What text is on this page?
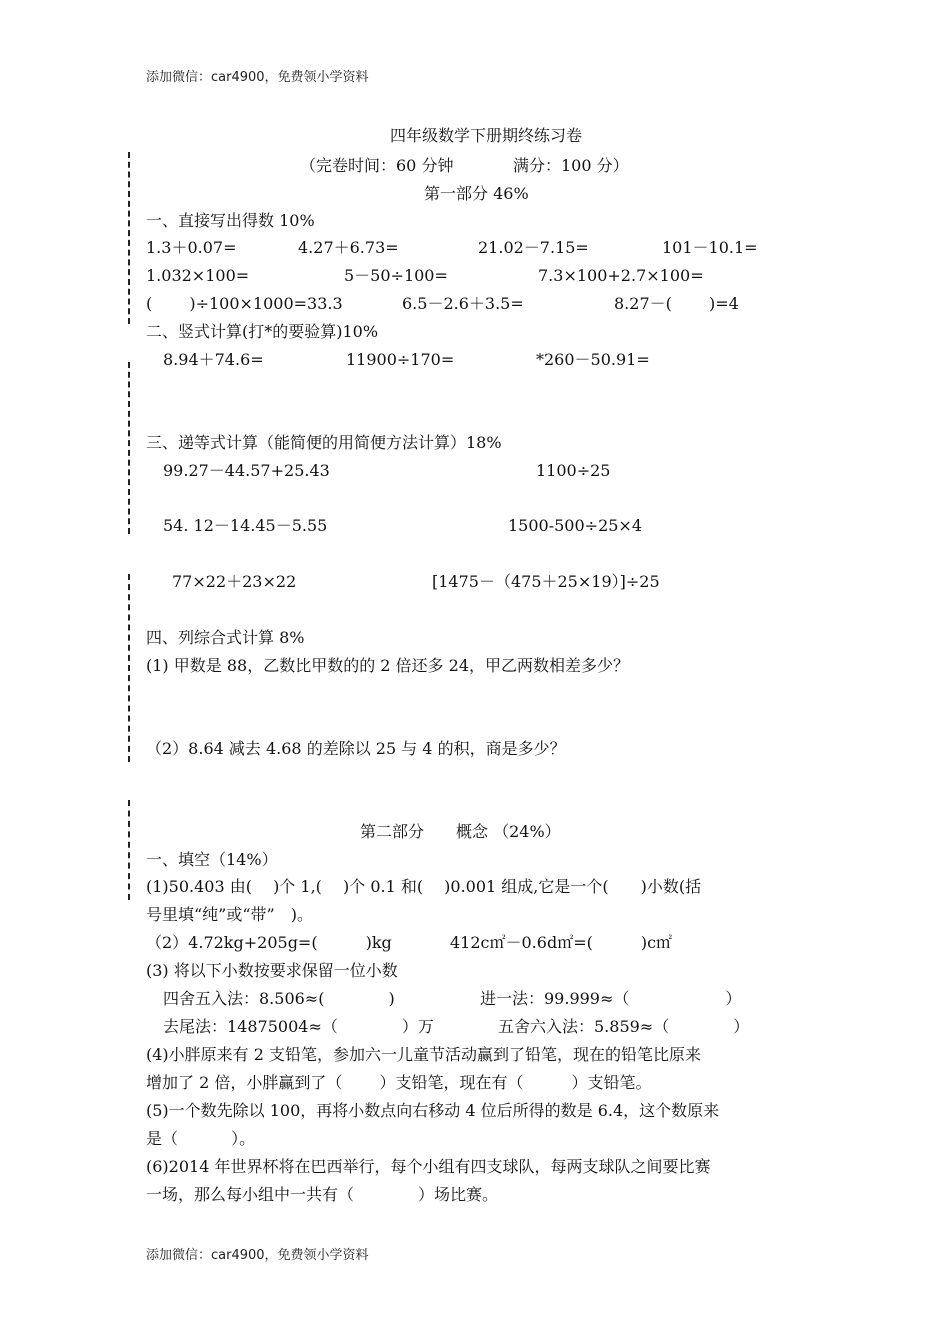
添加微信：car4900，免费领小学资料
四年级数学下册期终练习卷
（完卷时间：60 分钟	满分：100 分）
第一部分 46%
一、直接写出得数 10%
1.3＋0.07=	4.27＋6.73=	21.02－7.15=	101－10.1=
1.032×100=	5－50÷100=	7.3×100+2.7×100=
(　　 )÷100×1000=33.3	6.5－2.6＋3.5=	8.27－(　　 )=4
二、竖式计算(打*的要验算)10%
8.94＋74.6=	11900÷170=	*260－50.91=
三、递等式计算（能简便的用简便方法计算）18%
99.27－44.57+25.43	1100÷25
54. 12－14.45－5.55	1500-500÷25×4
77×22＋23×22	[1475－（475＋25×19）]÷25
四、列综合式计算 8%
(1) 甲数是 88，乙数比甲数的的 2 倍还多 24，甲乙两数相差多少？
（2）8.64 减去 4.68 的差除以 25 与 4 的积，商是多少？
第二部分　　概念 （24%）
一、填空（14%）
(1)50.403 由(　 )个 1,(　 )个 0.1 和(　 )0.001 组成,它是一个(　　)小数(括
号里填“纯”或“带”　)。
（2）4.72kg+205g=(　　　)kg	412c㎡－0.6d㎡=(　　　)c㎡
(3) 将以下小数按要求保留一位小数
四舍五入法：8.506≈(　　　　)	进一法：99.999≈（　　　　　　）
去尾法：14875004≈（　　　　）万	五舍六入法：5.859≈（　　　　）
(4)小胖原来有 2 支铅笔，参加六一儿童节活动赢到了铅笔，现在的铅笔比原来
增加了 2 倍，小胖赢到了（　　 ）支铅笔，现在有（　　　）支铅笔。
(5)一个数先除以 100，再将小数点向右移动 4 位后所得的数是 6.4，这个数原来
是（　　　 ）。
(6)2014 年世界杯将在巴西举行，每个小组有四支球队，每两支球队之间要比赛
一场，那么每小组中一共有（　　　　）场比赛。
添加微信：car4900，免费领小学资料
